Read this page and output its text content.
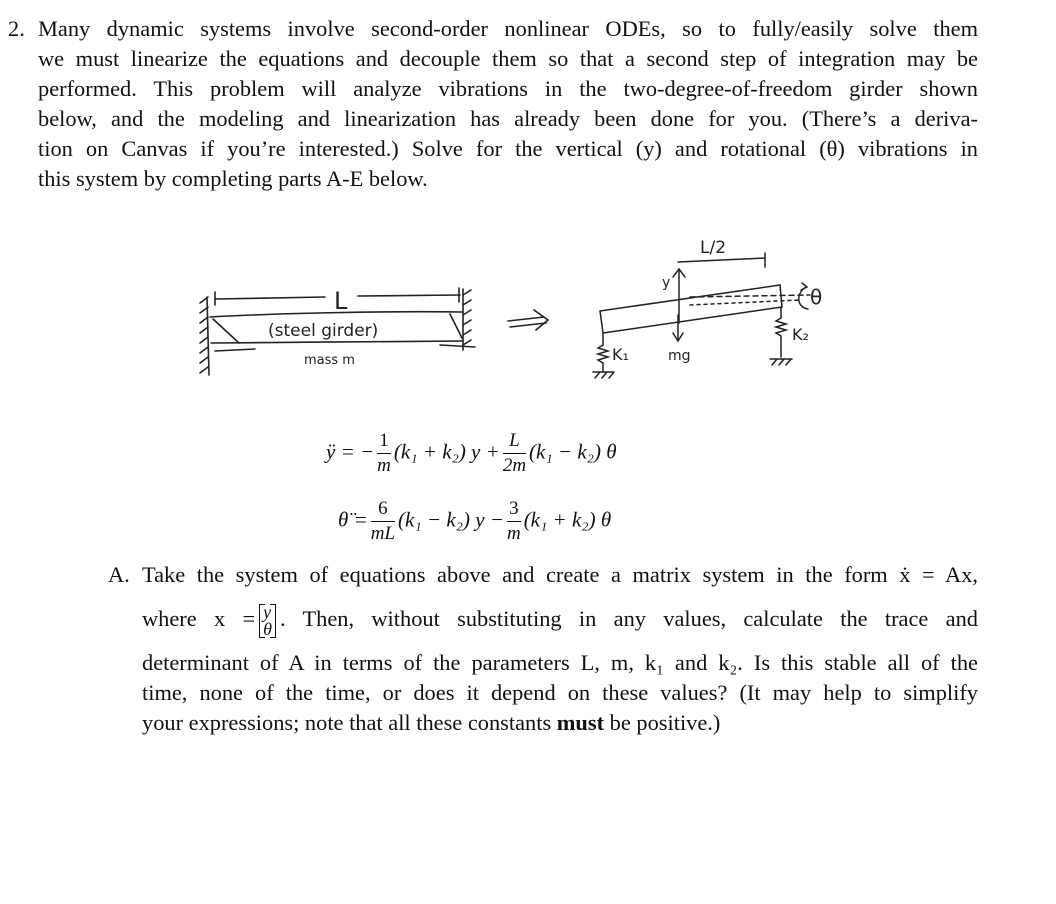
2. Many dynamic systems involve second-order nonlinear ODEs, so to fully/easily solve them
we must linearize the equations and decouple them so that a second step of integration may be
performed. This problem will analyze vibrations in the two-degree-of-freedom girder shown
below, and the modeling and linearization has already been done for you. (There’s a deriva-
tion on Canvas if you’re interested.) Solve for the vertical (y) and rotational (θ) vibrations in
this system by completing parts A-E below.
L
(steel girder)
mass m
L/2
y
θ
K₁
K₂
mg
ÿ = − $\frac{1}{m} (k_1 + k_2) y + \frac{L}{2m} (k_1 - k_2)$ θ
θ̈ = $\frac{6}{mL} (k_1 - k_2) y - \frac{3}{m} (k_1 + k_2)$ θ
A. Take the system of equations above and create a matrix system in the form ẋ = Ax,
where x = y
θ . Then, without substituting in any values, calculate the trace and
determinant of A in terms of the parameters L, m, k₁ and k₂. Is this stable all of the
time, none of the time, or does it depend on these values? (It may help to simplify
your expressions; note that all these constants must be positive.)
